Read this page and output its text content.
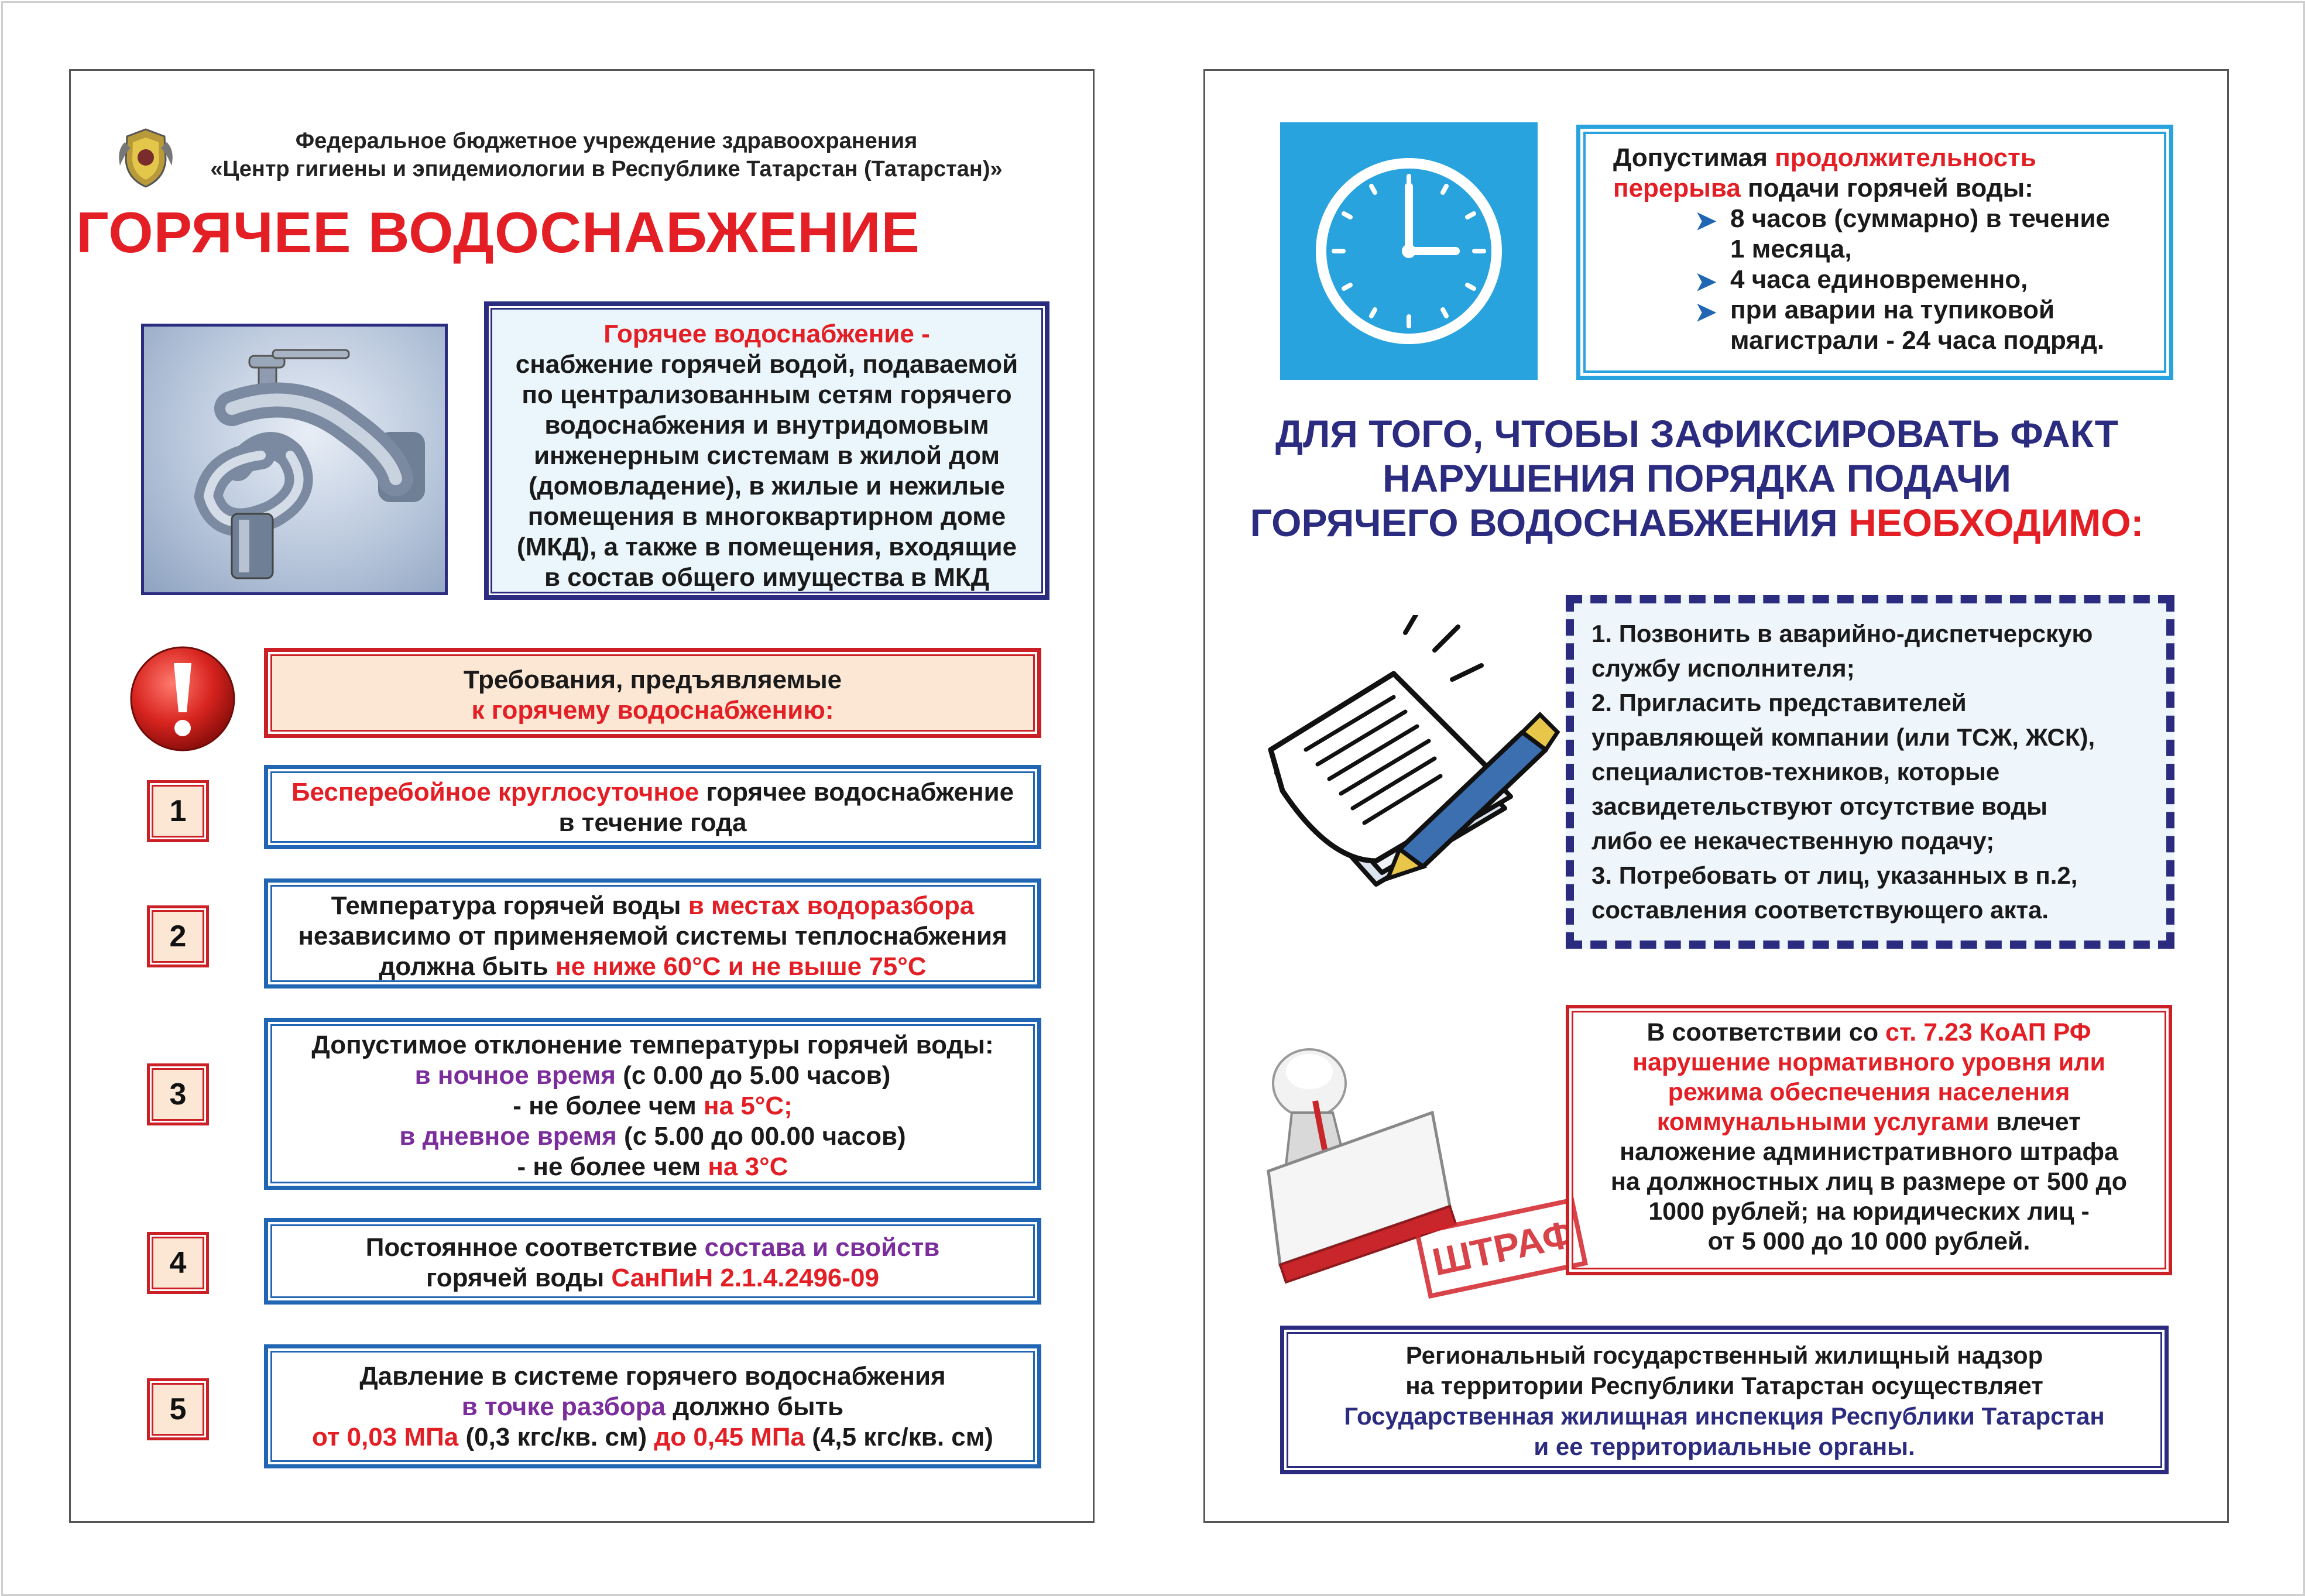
Федеральное бюджетное учреждение здравоохранения
«Центр гигиены и эпидемиологии в Республике Татарстан (Татарстан)»
ГОРЯЧЕЕ ВОДОСНАБЖЕНИЕ
Горячее водоснабжение -
снабжение горячей водой, подаваемой
по централизованным сетям горячего
водоснабжения и внутридомовым
инженерным системам в жилой дом
(домовладение), в жилые и нежилые
помещения в многоквартирном доме
(МКД), а также в помещения, входящие
в состав общего имущества в МКД
Требования, предъявляемые
к горячему водоснабжению:
1
Бесперебойное круглосуточное горячее водоснабжение
в течение года
2
Температура горячей воды в местах водоразбора
независимо от применяемой системы теплоснабжения
должна быть не ниже 60°С и не выше 75°С
3
Допустимое отклонение температуры горячей воды:
в ночное время (с 0.00 до 5.00 часов)
- не более чем на 5°С;
в дневное время (с 5.00 до 00.00 часов)
- не более чем на 3°С
4	Постоянное соответствие состава и свойств
горячей воды СанПиН 2.1.4.2496-09
5
Давление в системе горячего водоснабжения
в точке разбора должно быть
от 0,03 МПа (0,3 кгс/кв. см) до 0,45 МПа (4,5 кгс/кв. см)
Допустимая продолжительность
перерыва подачи горячей воды:
➤ 8 часов (суммарно) в течение
1 месяца,
➤ 4 часа единовременно,
➤ при аварии на тупиковой
магистрали - 24 часа подряд.
ДЛЯ ТОГО, ЧТОБЫ ЗАФИКСИРОВАТЬ ФАКТ
НАРУШЕНИЯ ПОРЯДКА ПОДАЧИ
ГОРЯЧЕГО ВОДОСНАБЖЕНИЯ НЕОБХОДИМО:
1. Позвонить в аварийно-диспетчерскую
службу исполнителя;
2. Пригласить представителей
управляющей компании (или ТСЖ, ЖСК),
специалистов-техников, которые
засвидетельствуют отсутствие воды
либо ее некачественную подачу;
3. Потребовать от лиц, указанных в п.2,
составления соответствующего акта.
ШТРАФ
В соответствии со ст. 7.23 КоАП РФ
нарушение нормативного уровня или
режима обеспечения населения
коммунальными услугами влечет
наложение административного штрафа
на должностных лиц в размере от 500 до
1000 рублей; на юридических лиц -
от 5 000 до 10 000 рублей.
Региональный государственный жилищный надзор
на территории Республики Татарстан осуществляет
Государственная жилищная инспекция Республики Татарстан
и ее территориальные органы.
